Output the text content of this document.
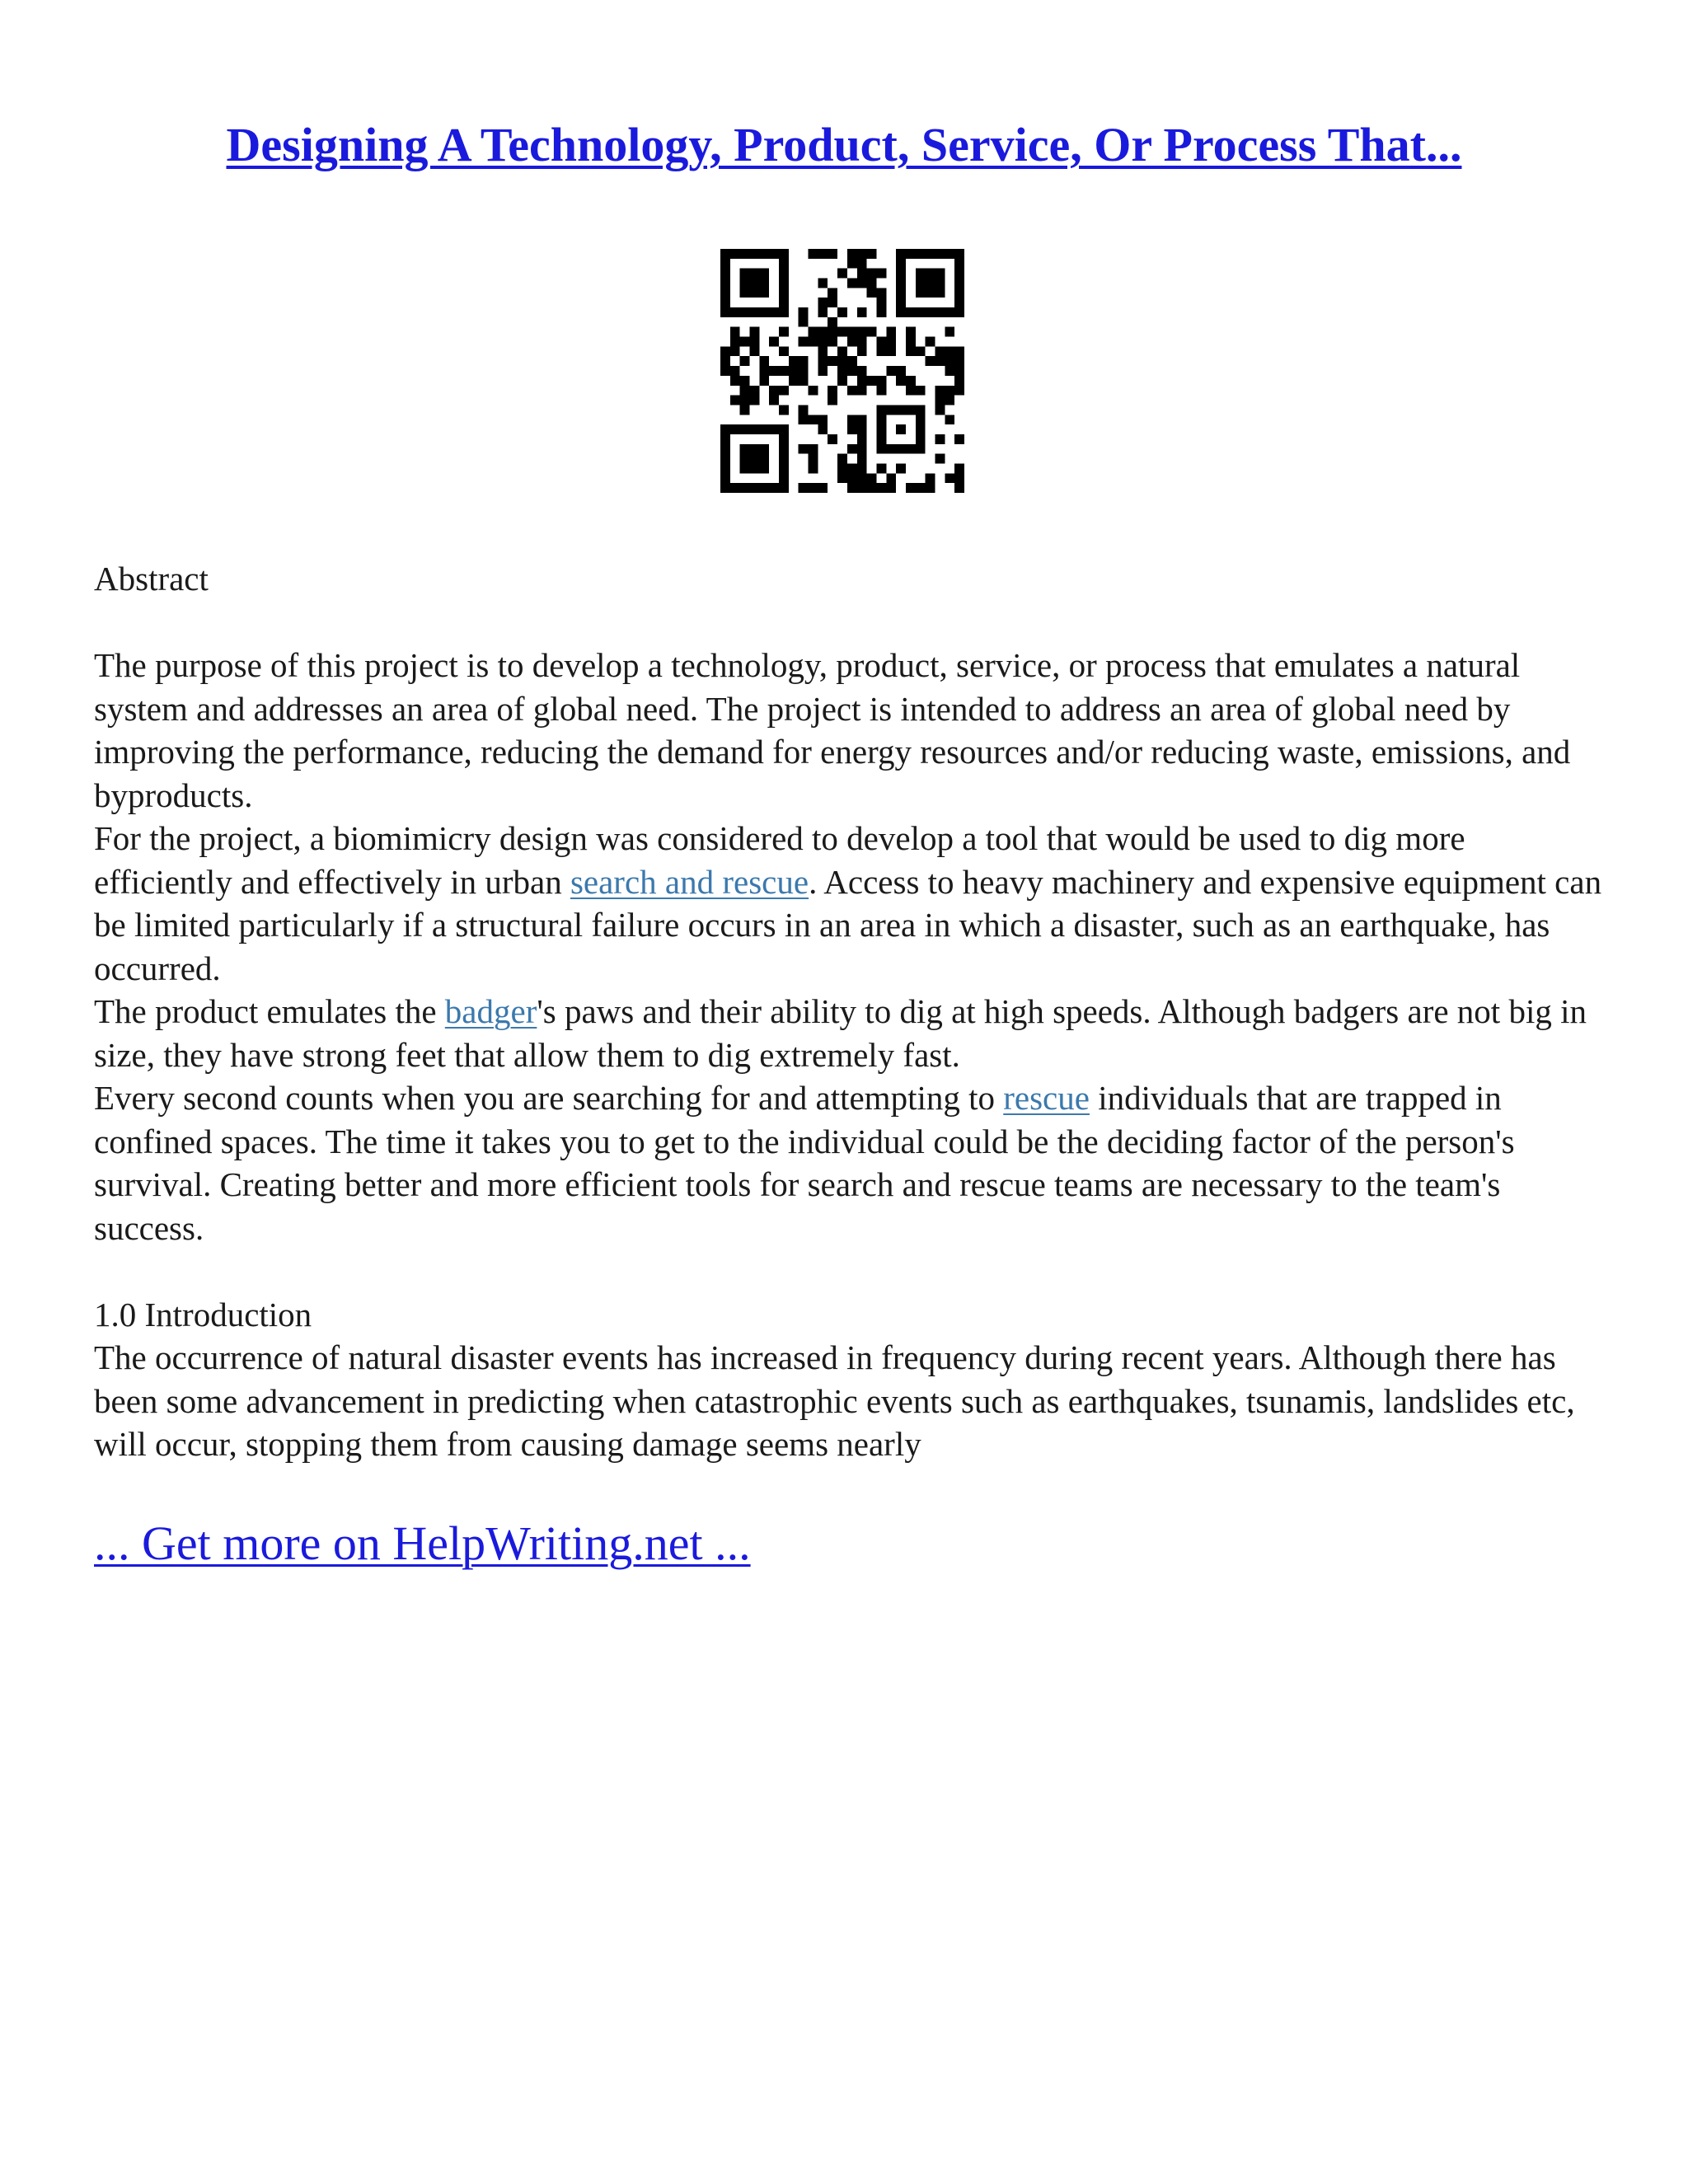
Designing A Technology, Product, Service, Or Process That...

Abstract

The purpose of this project is to develop a technology, product, service, or process that emulates a natural system and addresses an area of global need. The project is intended to address an area of global need by improving the performance, reducing the demand for energy resources and/or reducing waste, emissions, and byproducts.

For the project, a biomimicry design was considered to develop a tool that would be used to dig more efficiently and effectively in urban search and rescue. Access to heavy machinery and expensive equipment can be limited particularly if a structural failure occurs in an area in which a disaster, such as an earthquake, has occurred.

The product emulates the badger's paws and their ability to dig at high speeds. Although badgers are not big in size, they have strong feet that allow them to dig extremely fast.

Every second counts when you are searching for and attempting to rescue individuals that are trapped in confined spaces. The time it takes you to get to the individual could be the deciding factor of the person's survival. Creating better and more efficient tools for search and rescue teams are necessary to the team's success.

1.0 Introduction

The occurrence of natural disaster events has increased in frequency during recent years. Although there has been some advancement in predicting when catastrophic events such as earthquakes, tsunamis, landslides etc, will occur, stopping them from causing damage seems nearly

... Get more on HelpWriting.net ...
